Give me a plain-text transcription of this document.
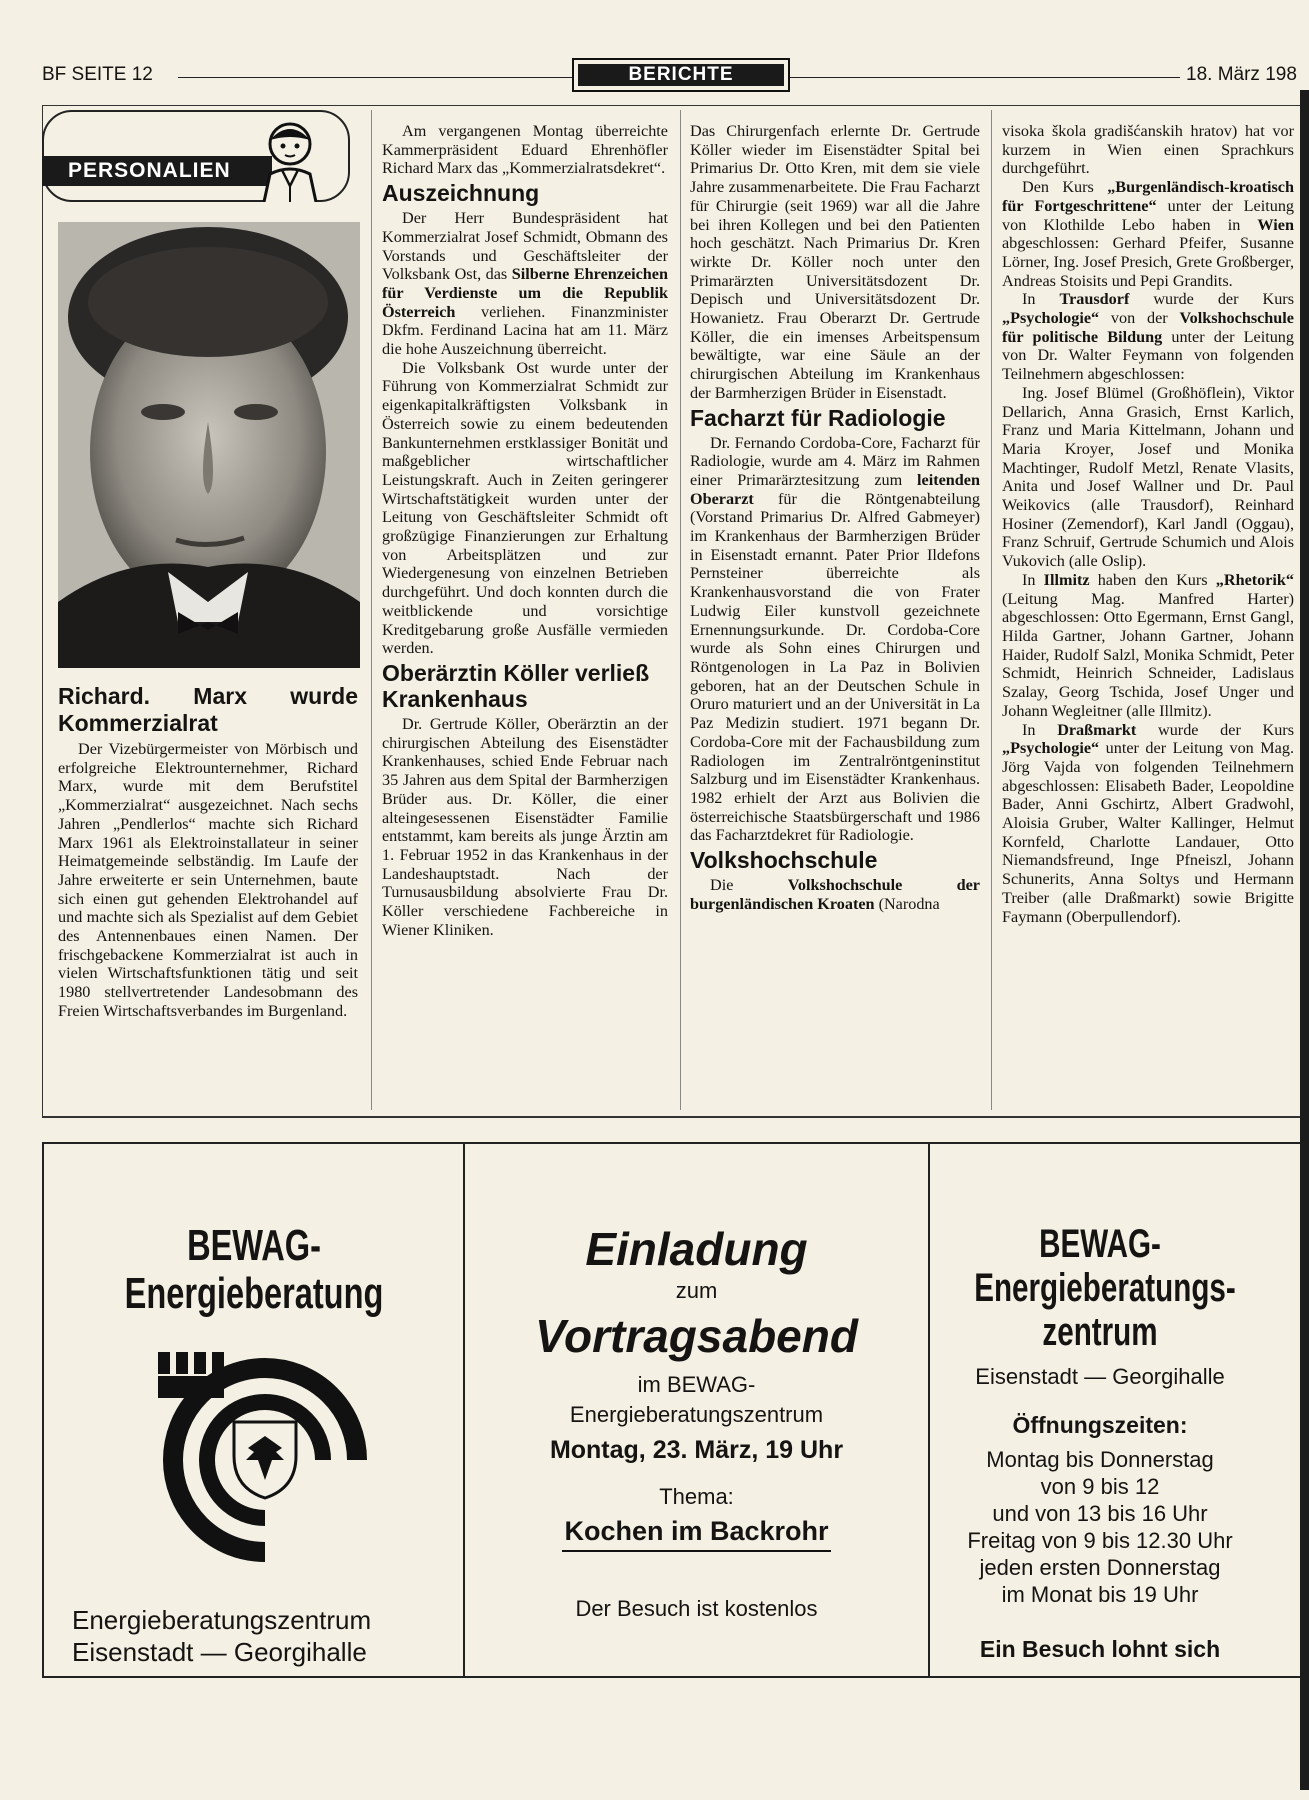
BF SEITE 12	BERICHTE	18. März 198
PERSONALIEN
Richard. Marx wurde Kommerzialrat

Der Vizebürgermeister von Mörbisch und erfolgreiche Elektrounternehmer, Richard Marx, wurde mit dem Berufstitel „Kommerzialrat“ ausgezeichnet. Nach sechs Jahren „Pendlerlos“ machte sich Richard Marx 1961 als Elektroinstallateur in seiner Heimatgemeinde selbständig. Im Laufe der Jahre erweiterte er sein Unternehmen, baute sich einen gut gehenden Elektrohandel auf und machte sich als Spezialist auf dem Gebiet des Antennenbaues einen Namen. Der frischgebackene Kommerzialrat ist auch in vielen Wirtschaftsfunktionen tätig und seit 1980 stellvertretender Landesobmann des Freien Wirtschaftsverbandes im Burgenland.

Am vergangenen Montag überreichte Kammerpräsident Eduard Ehrenhöfler Richard Marx das „Kommerzialratsdekret“.

Auszeichnung

Der Herr Bundespräsident hat Kommerzialrat Josef Schmidt, Obmann des Vorstands und Geschäftsleiter der Volksbank Ost, das Silberne Ehrenzeichen für Verdienste um die Republik Österreich verliehen. Finanzminister Dkfm. Ferdinand Lacina hat am 11. März die hohe Auszeichnung überreicht.

Die Volksbank Ost wurde unter der Führung von Kommerzialrat Schmidt zur eigenkapitalkräftigsten Volksbank in Österreich sowie zu einem bedeutenden Bankunternehmen erstklassiger Bonität und maßgeblicher wirtschaftlicher Leistungskraft. Auch in Zeiten geringerer Wirtschaftstätigkeit wurden unter der Leitung von Geschäftsleiter Schmidt oft großzügige Finanzierungen zur Erhaltung von Arbeitsplätzen und zur Wiedergenesung von einzelnen Betrieben durchgeführt. Und doch konnten durch die weitblickende und vorsichtige Kreditgebarung große Ausfälle vermieden werden.

Oberärztin Köller verließ Krankenhaus

Dr. Gertrude Köller, Oberärztin an der chirurgischen Abteilung des Eisenstädter Krankenhauses, schied Ende Februar nach 35 Jahren aus dem Spital der Barmherzigen Brüder aus. Dr. Köller, die einer alteingesessenen Eisenstädter Familie entstammt, kam bereits als junge Ärztin am 1. Februar 1952 in das Krankenhaus in der Landeshauptstadt. Nach der Turnusausbildung absolvierte Frau Dr. Köller verschiedene Fachbereiche in Wiener Kliniken.

Das Chirurgenfach erlernte Dr. Gertrude Köller wieder im Eisenstädter Spital bei Primarius Dr. Otto Kren, mit dem sie viele Jahre zusammenarbeitete. Die Frau Facharzt für Chirurgie (seit 1969) war all die Jahre bei ihren Kollegen und bei den Patienten hoch geschätzt. Nach Primarius Dr. Kren wirkte Dr. Köller noch unter den Primarärzten Universitätsdozent Dr. Depisch und Universitätsdozent Dr. Howanietz. Frau Oberarzt Dr. Gertrude Köller, die ein imenses Arbeitspensum bewältigte, war eine Säule an der chirurgischen Abteilung im Krankenhaus der Barmherzigen Brüder in Eisenstadt.

Facharzt für Radiologie

Dr. Fernando Cordoba-Core, Facharzt für Radiologie, wurde am 4. März im Rahmen einer Primarärztesitzung zum leitenden Oberarzt für die Röntgenabteilung (Vorstand Primarius Dr. Alfred Gabmeyer) im Krankenhaus der Barmherzigen Brüder in Eisenstadt ernannt. Pater Prior Ildefons Pernsteiner überreichte als Krankenhausvorstand die von Frater Ludwig Eiler kunstvoll gezeichnete Ernennungsurkunde. Dr. Cordoba-Core wurde als Sohn eines Chirurgen und Röntgenologen in La Paz in Bolivien geboren, hat an der Deutschen Schule in Oruro maturiert und an der Universität in La Paz Medizin studiert. 1971 begann Dr. Cordoba-Core mit der Fachausbildung zum Radiologen im Zentralröntgeninstitut Salzburg und im Eisenstädter Krankenhaus. 1982 erhielt der Arzt aus Bolivien die österreichische Staatsbürgerschaft und 1986 das Facharztdekret für Radiologie.

Volkshochschule

Die Volkshochschule der burgenländischen Kroaten (Narodna

visoka škola gradišćanskih hratov) hat vor kurzem in Wien einen Sprachkurs durchgeführt.

Den Kurs „Burgenländisch-kroatisch für Fortgeschrittene“ unter der Leitung von Klothilde Lebo haben in Wien abgeschlossen: Gerhard Pfeifer, Susanne Lörner, Ing. Josef Presich, Grete Großberger, Andreas Stoisits und Pepi Grandits.

In Trausdorf wurde der Kurs „Psychologie“ von der Volkshochschule für politische Bildung unter der Leitung von Dr. Walter Feymann von folgenden Teilnehmern abgeschlossen:

Ing. Josef Blümel (Großhöflein), Viktor Dellarich, Anna Grasich, Ernst Karlich, Franz und Maria Kittelmann, Johann und Maria Kroyer, Josef und Monika Machtinger, Rudolf Metzl, Renate Vlasits, Anita und Josef Wallner und Dr. Paul Weikovics (alle Trausdorf), Reinhard Hosiner (Zemendorf), Karl Jandl (Oggau), Franz Schruif, Gertrude Schumich und Alois Vukovich (alle Oslip).

In Illmitz haben den Kurs „Rhetorik“ (Leitung Mag. Manfred Harter) abgeschlossen: Otto Egermann, Ernst Gangl, Hilda Gartner, Johann Gartner, Johann Haider, Rudolf Salzl, Monika Schmidt, Peter Schmidt, Heinrich Schneider, Ladislaus Szalay, Georg Tschida, Josef Unger und Johann Wegleitner (alle Illmitz).

In Draßmarkt wurde der Kurs „Psychologie“ unter der Leitung von Mag. Jörg Vajda von folgenden Teilnehmern abgeschlossen: Elisabeth Bader, Leopoldine Bader, Anni Gschirtz, Albert Gradwohl, Aloisia Gruber, Walter Kallinger, Helmut Kornfeld, Charlotte Landauer, Otto Niemandsfreund, Inge Pfneiszl, Johann Schunerits, Anna Soltys und Hermann Treiber (alle Draßmarkt) sowie Brigitte Faymann (Oberpullendorf).

BEWAG-
Energieberatung
Energieberatungszentrum
Eisenstadt — Georgihalle
Einladung
zum
Vortragsabend
im BEWAG-
Energieberatungszentrum
Montag, 23. März, 19 Uhr
Thema:
Kochen im Backrohr
Der Besuch ist kostenlos
BEWAG-
Energieberatungs-
zentrum
Eisenstadt — Georgihalle
Öffnungszeiten:
Montag bis Donnerstag
von 9 bis 12
und von 13 bis 16 Uhr
Freitag von 9 bis 12.30 Uhr
jeden ersten Donnerstag
im Monat bis 19 Uhr
Ein Besuch lohnt sich
